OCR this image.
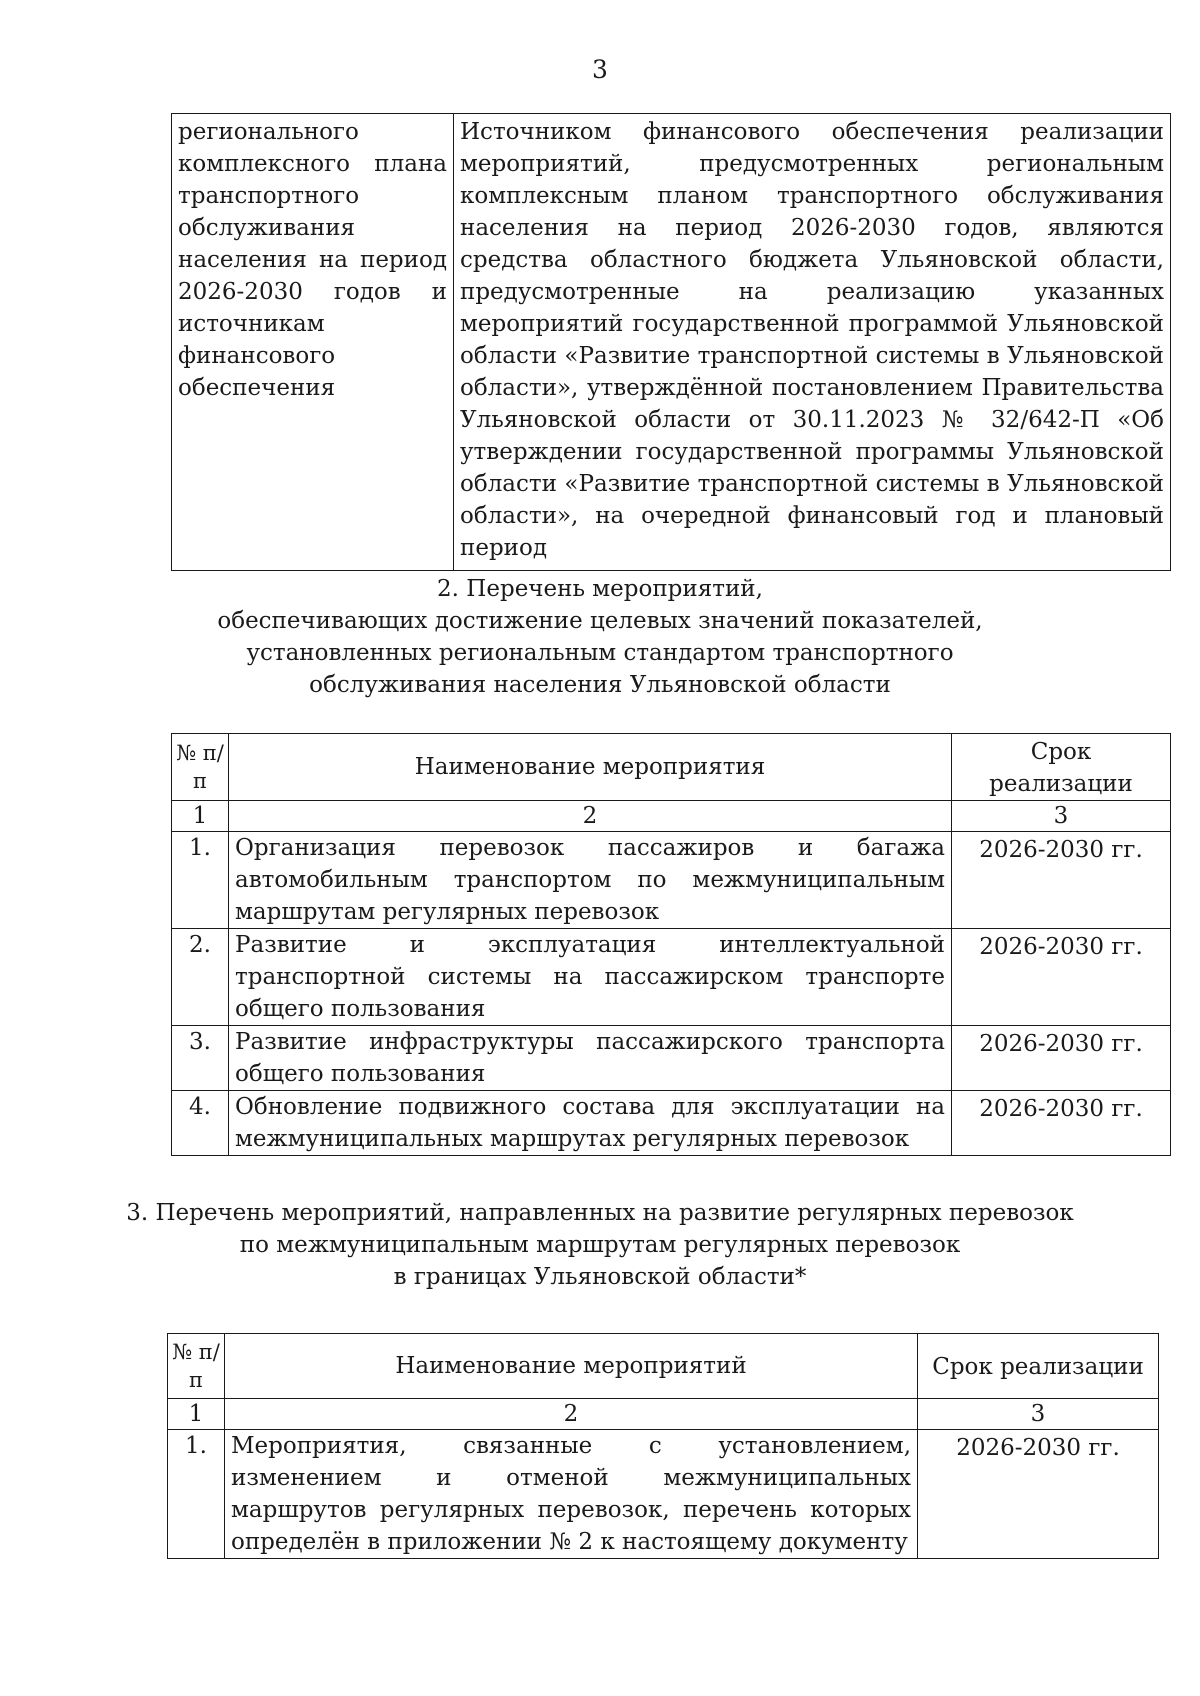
3
регионального комплексного плана транспортного обслуживания населения на период 2026-2030 годов и источникам финансового обеспечения	Источником финансового обеспечения реализации мероприятий, предусмотренных региональным комплексным планом транспортного обслуживания населения на период 2026-2030 годов, являются средства областного бюджета Ульяновской области, предусмотренные на реализацию указанных мероприятий государственной программой Ульяновской области «Развитие транспортной системы в Ульяновской области», утверждённой постановлением Правительства Ульяновской области от 30.11.2023 № 32/642-П «Об утверждении государственной программы Ульяновской области «Развитие транспортной системы в Ульяновской области», на очередной финансовый год и плановый период
2. Перечень мероприятий,
обеспечивающих достижение целевых значений показателей,
установленных региональным стандартом транспортного
обслуживания населения Ульяновской области
№ п/п	Наименование мероприятия	Срок реализации
1	2	3
1.	Организация перевозок пассажиров и багажа автомобильным транспортом по межмуниципальным маршрутам регулярных перевозок	2026-2030 гг.
2.	Развитие и эксплуатация интеллектуальной транспортной системы на пассажирском транспорте общего пользования	2026-2030 гг.
3.	Развитие инфраструктуры пассажирского транспорта общего пользования	2026-2030 гг.
4.	Обновление подвижного состава для эксплуатации на межмуниципальных маршрутах регулярных перевозок	2026-2030 гг.
3. Перечень мероприятий, направленных на развитие регулярных перевозок
по межмуниципальным маршрутам регулярных перевозок
в границах Ульяновской области*
№ п/п	Наименование мероприятий	Срок реализации
1	2	3
1.	Мероприятия, связанные с установлением, изменением и отменой межмуниципальных маршрутов регулярных перевозок, перечень которых определён в приложении № 2 к настоящему документу	2026-2030 гг.
